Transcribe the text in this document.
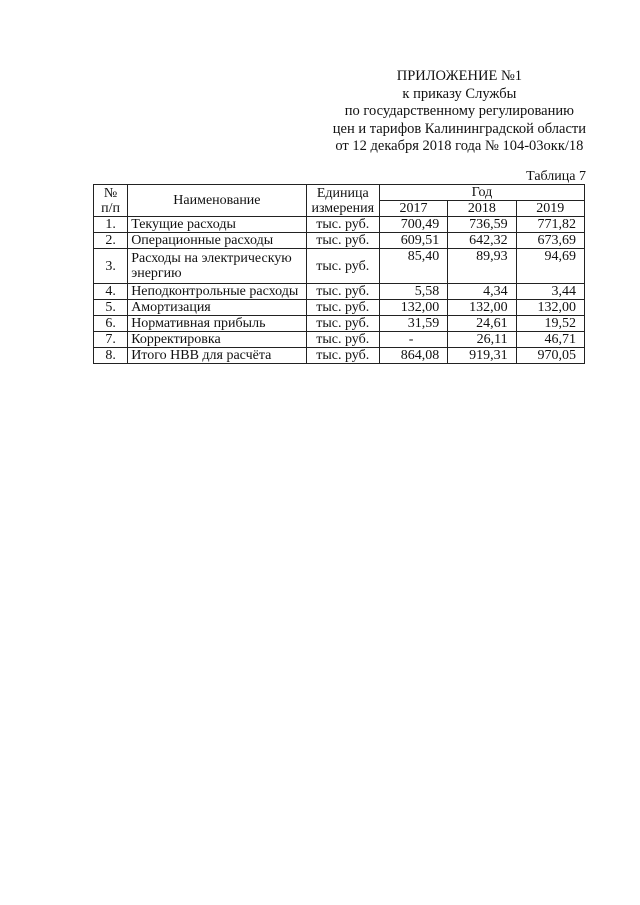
ПРИЛОЖЕНИЕ №1
к приказу Службы
по государственному регулированию
цен и тарифов Калининградской области
от 12 декабря 2018 года № 104-03окк/18
Таблица 7
№ п/п	Наименование	Единица измерения	Год		
			2017	2018	2019
1.	Текущие расходы	тыс. руб.	700,49	736,59	771,82
2.	Операционные расходы	тыс. руб.	609,51	642,32	673,69
3.	Расходы на электрическую энергию	тыс. руб.	85,40	89,93	94,69
4.	Неподконтрольные расходы	тыс. руб.	5,58	4,34	3,44
5.	Амортизация	тыс. руб.	132,00	132,00	132,00
6.	Нормативная прибыль	тыс. руб.	31,59	24,61	19,52
7.	Корректировка	тыс. руб.	-	26,11	46,71
8.	Итого НВВ для расчёта	тыс. руб.	864,08	919,31	970,05
